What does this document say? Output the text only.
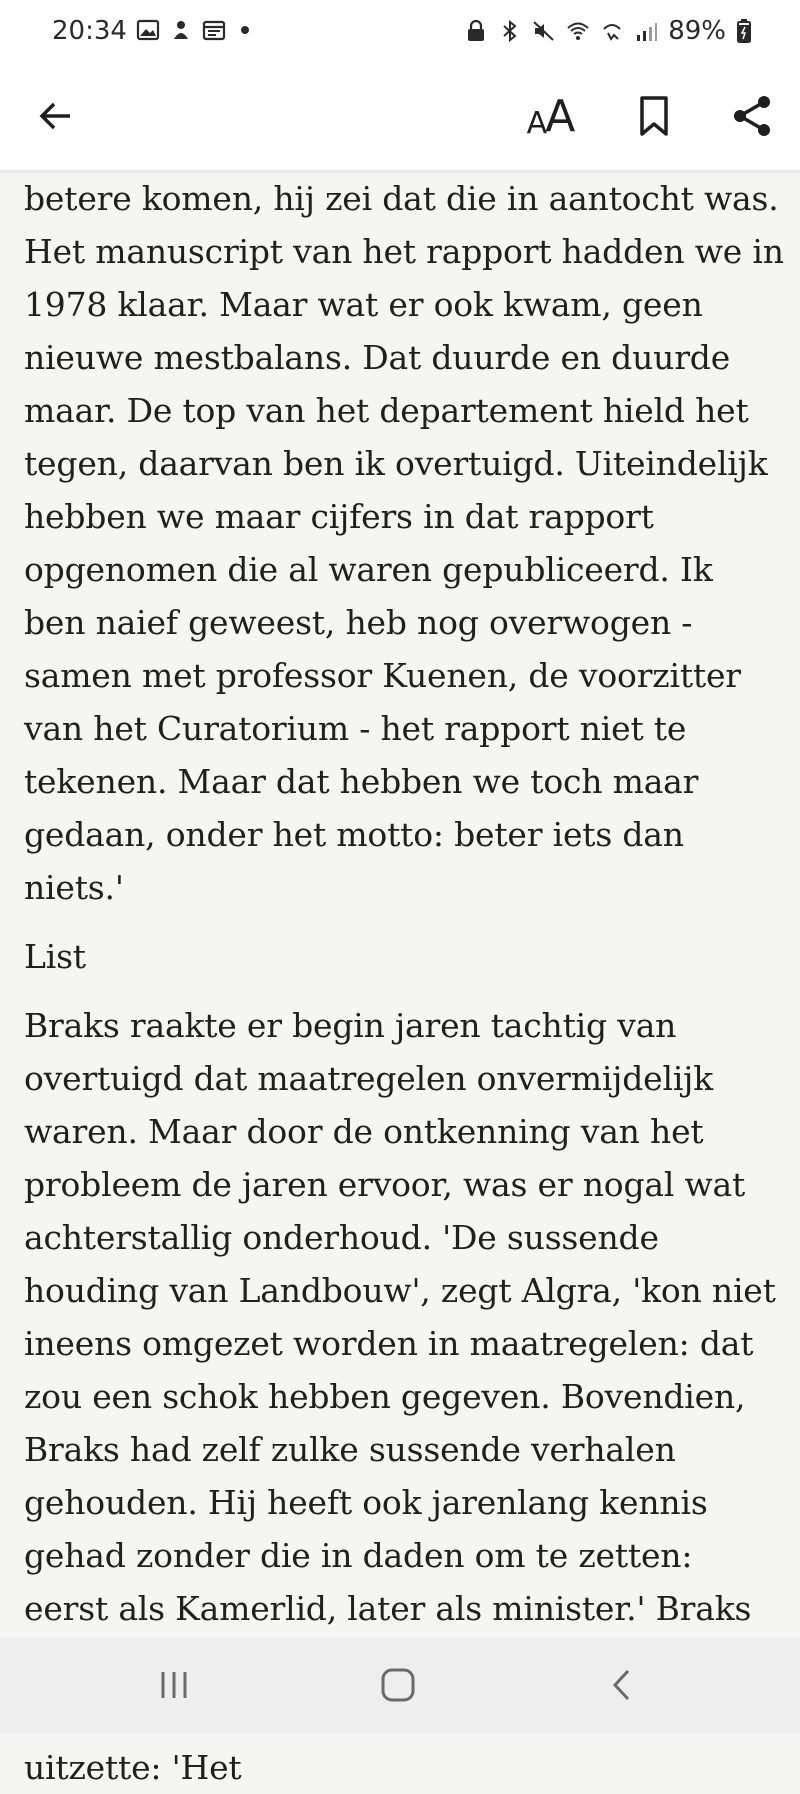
20:34	89%
A
A

betere komen, hij zei dat die in aantocht was. Het manuscript van het rapport hadden we in 1978 klaar. Maar wat er ook kwam, geen nieuwe mestbalans. Dat duurde en duurde maar. De top van het departement hield het tegen, daarvan ben ik overtuigd. Uiteindelijk hebben we maar cijfers in dat rapport opgenomen die al waren gepubliceerd. Ik ben naief geweest, heb nog overwogen - samen met professor Kuenen, de voorzitter van het Curatorium - het rapport niet te tekenen. Maar dat hebben we toch maar gedaan, onder het motto: beter iets dan niets.'

List

Braks raakte er begin jaren tachtig van overtuigd dat maatregelen onvermijdelijk waren. Maar door de ontkenning van het probleem de jaren ervoor, was er nogal wat achterstallig onderhoud. 'De sussende houding van Landbouw', zegt Algra, 'kon niet ineens omgezet worden in maatregelen: dat zou een schok hebben gegeven. Bovendien, Braks had zelf zulke sussende verhalen gehouden. Hij heeft ook jarenlang kennis gehad zonder die in daden om te zetten: eerst als Kamerlid, later als minister.' Braks uitzette: 'Het
